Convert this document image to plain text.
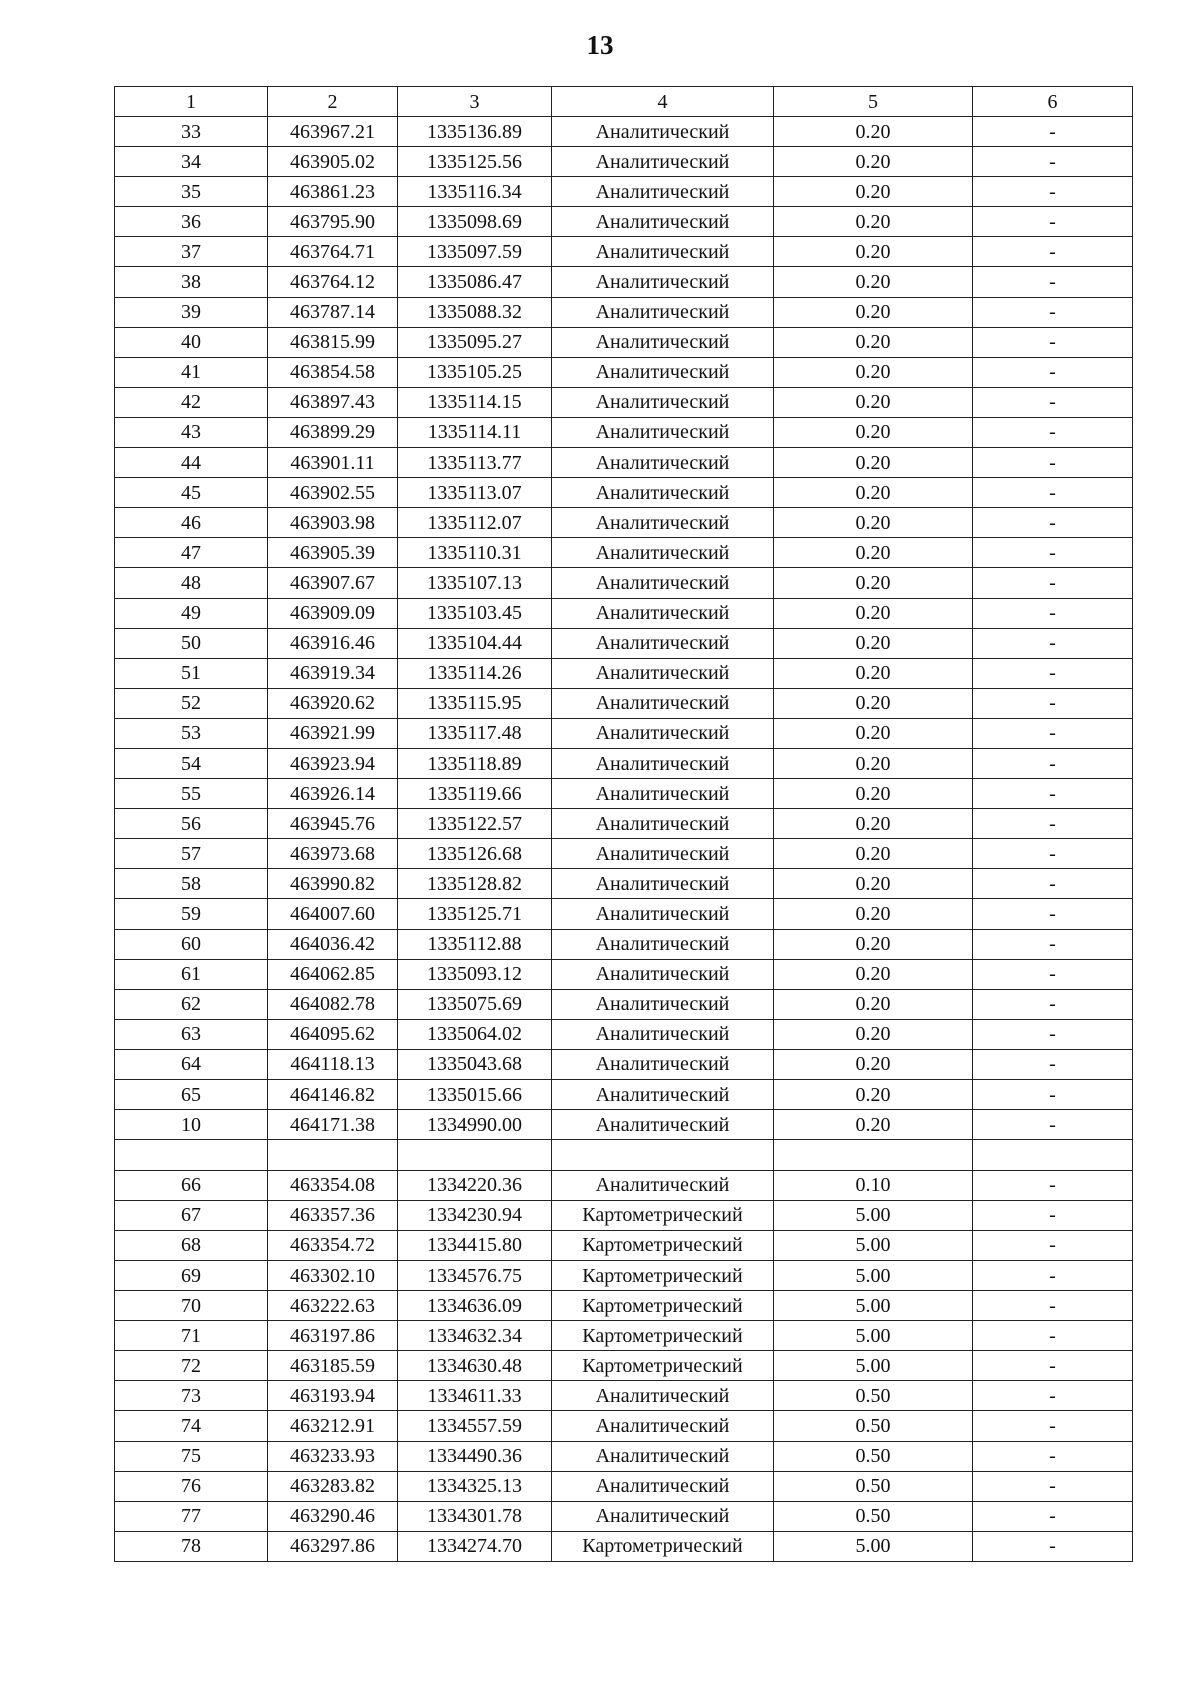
13
1	2	3	4	5	6
33	463967.21	1335136.89	Аналитический	0.20	-
34	463905.02	1335125.56	Аналитический	0.20	-
35	463861.23	1335116.34	Аналитический	0.20	-
36	463795.90	1335098.69	Аналитический	0.20	-
37	463764.71	1335097.59	Аналитический	0.20	-
38	463764.12	1335086.47	Аналитический	0.20	-
39	463787.14	1335088.32	Аналитический	0.20	-
40	463815.99	1335095.27	Аналитический	0.20	-
41	463854.58	1335105.25	Аналитический	0.20	-
42	463897.43	1335114.15	Аналитический	0.20	-
43	463899.29	1335114.11	Аналитический	0.20	-
44	463901.11	1335113.77	Аналитический	0.20	-
45	463902.55	1335113.07	Аналитический	0.20	-
46	463903.98	1335112.07	Аналитический	0.20	-
47	463905.39	1335110.31	Аналитический	0.20	-
48	463907.67	1335107.13	Аналитический	0.20	-
49	463909.09	1335103.45	Аналитический	0.20	-
50	463916.46	1335104.44	Аналитический	0.20	-
51	463919.34	1335114.26	Аналитический	0.20	-
52	463920.62	1335115.95	Аналитический	0.20	-
53	463921.99	1335117.48	Аналитический	0.20	-
54	463923.94	1335118.89	Аналитический	0.20	-
55	463926.14	1335119.66	Аналитический	0.20	-
56	463945.76	1335122.57	Аналитический	0.20	-
57	463973.68	1335126.68	Аналитический	0.20	-
58	463990.82	1335128.82	Аналитический	0.20	-
59	464007.60	1335125.71	Аналитический	0.20	-
60	464036.42	1335112.88	Аналитический	0.20	-
61	464062.85	1335093.12	Аналитический	0.20	-
62	464082.78	1335075.69	Аналитический	0.20	-
63	464095.62	1335064.02	Аналитический	0.20	-
64	464118.13	1335043.68	Аналитический	0.20	-
65	464146.82	1335015.66	Аналитический	0.20	-
10	464171.38	1334990.00	Аналитический	0.20	-

66	463354.08	1334220.36	Аналитический	0.10	-
67	463357.36	1334230.94	Картометрический	5.00	-
68	463354.72	1334415.80	Картометрический	5.00	-
69	463302.10	1334576.75	Картометрический	5.00	-
70	463222.63	1334636.09	Картометрический	5.00	-
71	463197.86	1334632.34	Картометрический	5.00	-
72	463185.59	1334630.48	Картометрический	5.00	-
73	463193.94	1334611.33	Аналитический	0.50	-
74	463212.91	1334557.59	Аналитический	0.50	-
75	463233.93	1334490.36	Аналитический	0.50	-
76	463283.82	1334325.13	Аналитический	0.50	-
77	463290.46	1334301.78	Аналитический	0.50	-
78	463297.86	1334274.70	Картометрический	5.00	-
